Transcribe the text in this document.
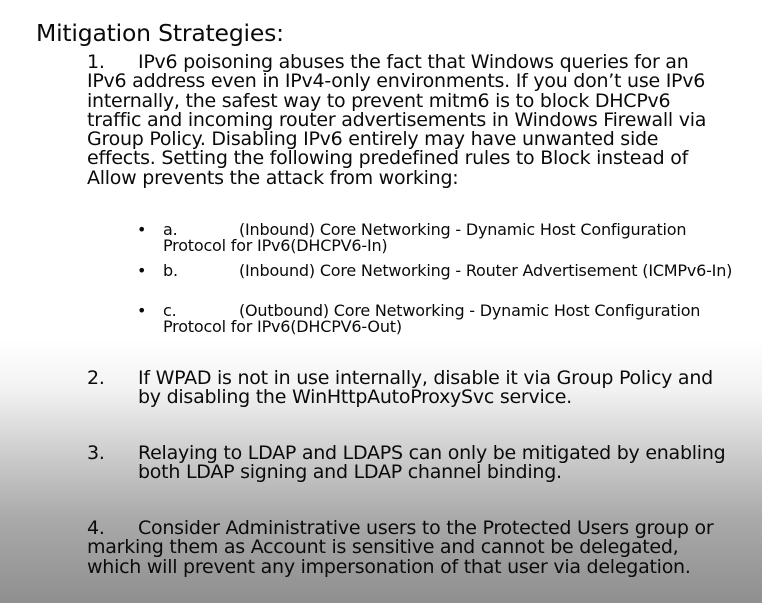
Mitigation Strategies:
1. IPv6 poisoning abuses the fact that Windows queries for an IPv6 address even in IPv4-only environments. If you don’t use IPv6 internally, the safest way to prevent mitm6 is to block DHCPv6 traffic and incoming router advertisements in Windows Firewall via Group Policy. Disabling IPv6 entirely may have unwanted side effects. Setting the following predefined rules to Block instead of Allow prevents the attack from working:
•	a.	(Inbound) Core Networking - Dynamic Host Configuration Protocol for IPv6(DHCPV6-In)
•	b.	(Inbound) Core Networking - Router Advertisement (ICMPv6-In)
•	c.	(Outbound) Core Networking - Dynamic Host Configuration Protocol for IPv6(DHCPV6-Out)
2.	If WPAD is not in use internally, disable it via Group Policy and by disabling the WinHttpAutoProxySvc service.
3.	Relaying to LDAP and LDAPS can only be mitigated by enabling both LDAP signing and LDAP channel binding.
4. Consider Administrative users to the Protected Users group or marking them as Account is sensitive and cannot be delegated, which will prevent any impersonation of that user via delegation.
